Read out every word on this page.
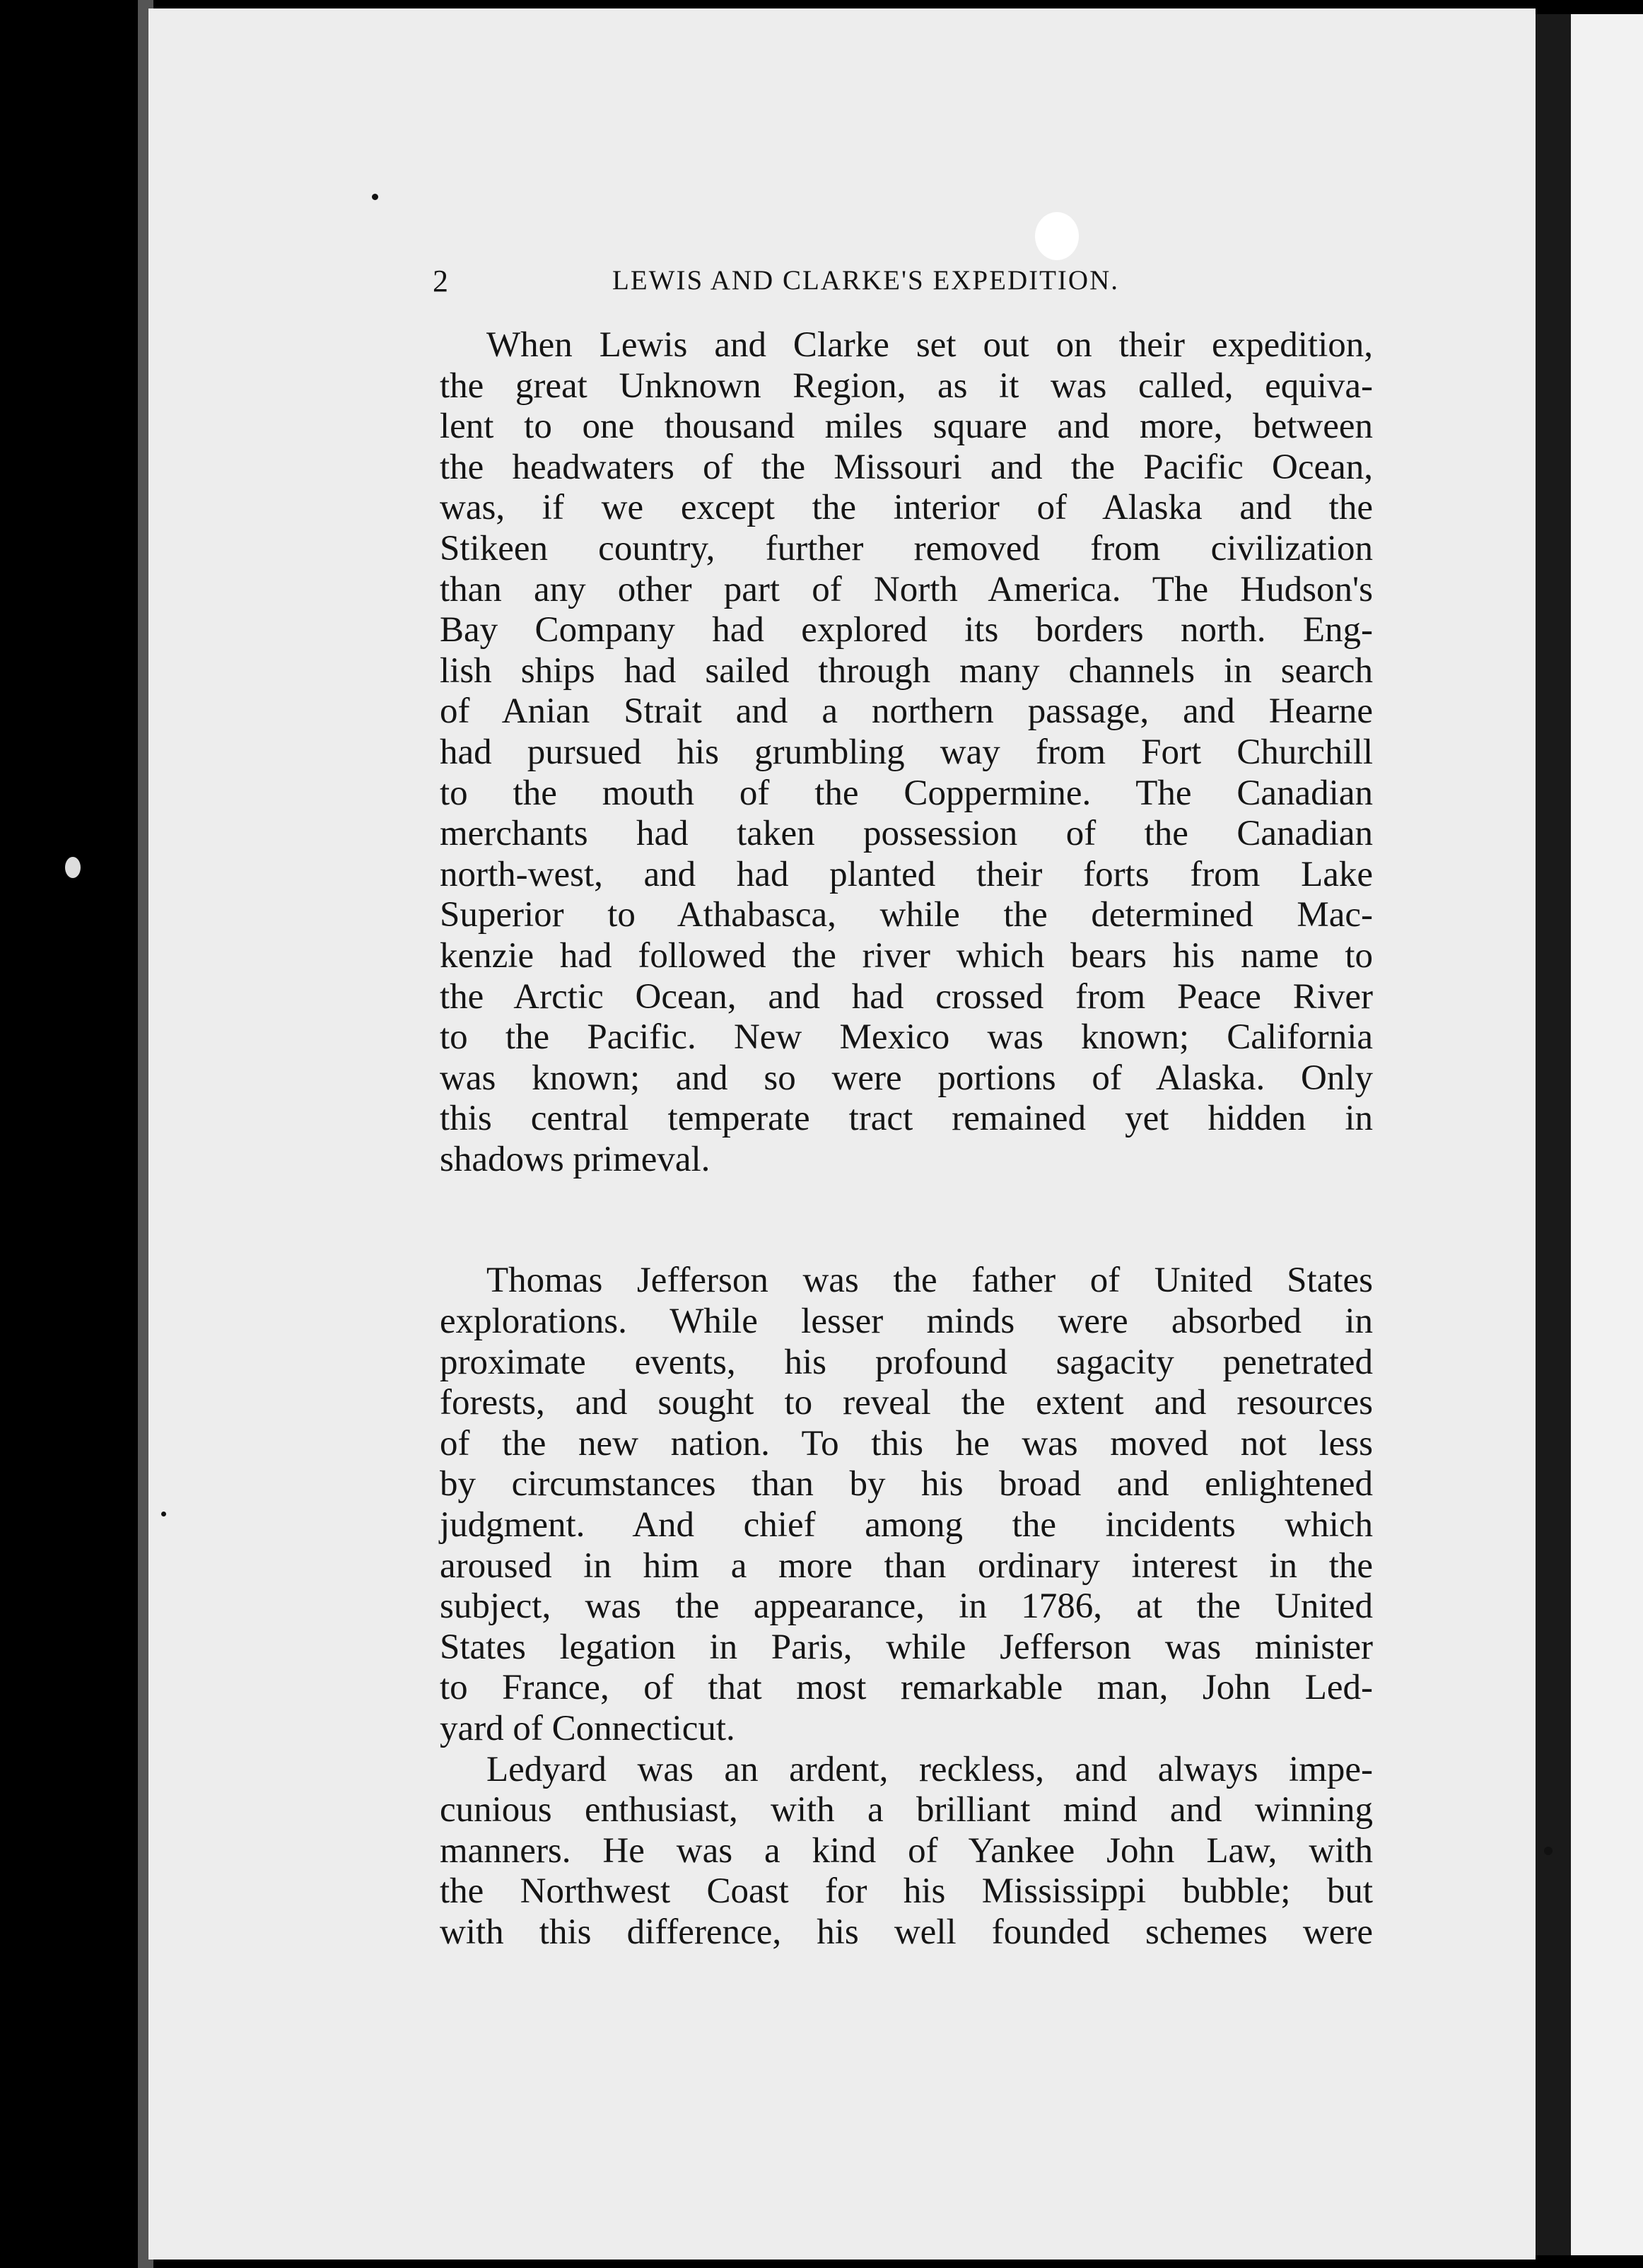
2	LEWIS AND CLARKE'S EXPEDITION.
When Lewis and Clarke set out on their expedition,
the great Unknown Region, as it was called, equiva-
lent to one thousand miles square and more, between
the headwaters of the Missouri and the Pacific Ocean,
was, if we except the interior of Alaska and the
Stikeen country, further removed from civilization
than any other part of North America. The Hudson's
Bay Company had explored its borders north. Eng-
lish ships had sailed through many channels in search
of Anian Strait and a northern passage, and Hearne
had pursued his grumbling way from Fort Churchill
to the mouth of the Coppermine. The Canadian
merchants had taken possession of the Canadian
north-west, and had planted their forts from Lake
Superior to Athabasca, while the determined Mac-
kenzie had followed the river which bears his name to
the Arctic Ocean, and had crossed from Peace River
to the Pacific. New Mexico was known; California
was known; and so were portions of Alaska. Only
this central temperate tract remained yet hidden in
shadows primeval.
Thomas Jefferson was the father of United States
explorations. While lesser minds were absorbed in
proximate events, his profound sagacity penetrated
forests, and sought to reveal the extent and resources
of the new nation. To this he was moved not less
by circumstances than by his broad and enlightened
judgment. And chief among the incidents which
aroused in him a more than ordinary interest in the
subject, was the appearance, in 1786, at the United
States legation in Paris, while Jefferson was minister
to France, of that most remarkable man, John Led-
yard of Connecticut.
Ledyard was an ardent, reckless, and always impe-
cunious enthusiast, with a brilliant mind and winning
manners. He was a kind of Yankee John Law, with
the Northwest Coast for his Mississippi bubble; but
with this difference, his well founded schemes were
